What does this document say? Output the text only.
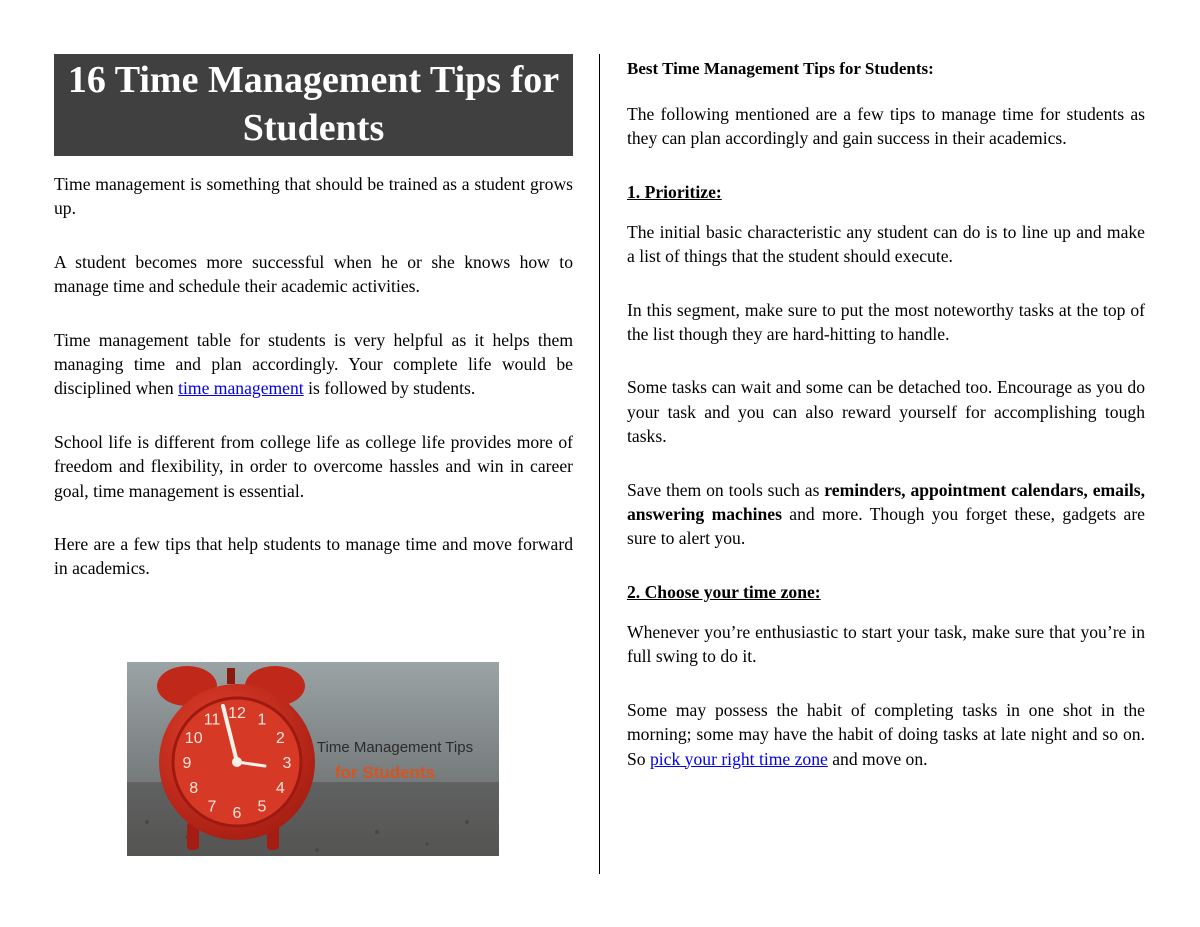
16 Time Management Tips for Students

Time management is something that should be trained as a student grows up.

A student becomes more successful when he or she knows how to manage time and schedule their academic activities.

Time management table for students is very helpful as it helps them managing time and plan accordingly. Your complete life would be disciplined when time management is followed by students.

School life is different from college life as college life provides more of freedom and flexibility, in order to overcome hassles and win in career goal, time management is essential.

Here are a few tips that help students to manage time and move forward in academics.

12 1
2
3
4
5
6
7
8
9
10
11
Time Management Tips
for Students
Best Time Management Tips for Students:

The following mentioned are a few tips to manage time for students as they can plan accordingly and gain success in their academics.

1. Prioritize:

The initial basic characteristic any student can do is to line up and make a list of things that the student should execute.

In this segment, make sure to put the most noteworthy tasks at the top of the list though they are hard-hitting to handle.

Some tasks can wait and some can be detached too. Encourage as you do your task and you can also reward yourself for accomplishing tough tasks.

Save them on tools such as reminders, appointment calendars, emails, answering machines and more. Though you forget these, gadgets are sure to alert you.

2. Choose your time zone:

Whenever you’re enthusiastic to start your task, make sure that you’re in full swing to do it.

Some may possess the habit of completing tasks in one shot in the morning; some may have the habit of doing tasks at late night and so on. So pick your right time zone and move on.
